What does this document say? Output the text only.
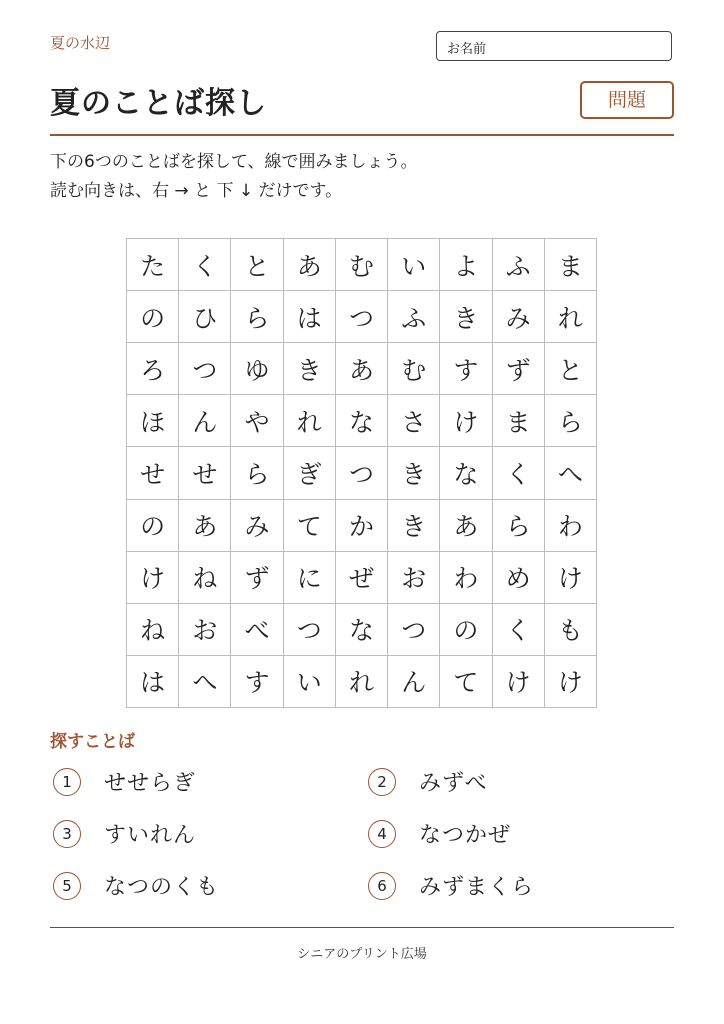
夏の水辺	お名前
夏のことば探し	問題
下の6つのことばを探して、線で囲みましょう。
読む向きは、右 → と 下 ↓ だけです。
た	く	と	あ	む	い	よ	ふ	ま
の	ひ	ら	は	つ	ふ	き	み	れ
ろ	つ	ゆ	き	あ	む	す	ず	と
ほ	ん	や	れ	な	さ	け	ま	ら
せ	せ	ら	ぎ	つ	き	な	く	へ
の	あ	み	て	か	き	あ	ら	わ
け	ね	ず	に	ぜ	お	わ	め	け
ね	お	べ	つ	な	つ	の	く	も
は	へ	す	い	れ	ん	て	け	け
探すことば
1	せせらぎ	2	みずべ
3	すいれん	4	なつかぜ
5	なつのくも	6	みずまくら
シニアのプリント広場
